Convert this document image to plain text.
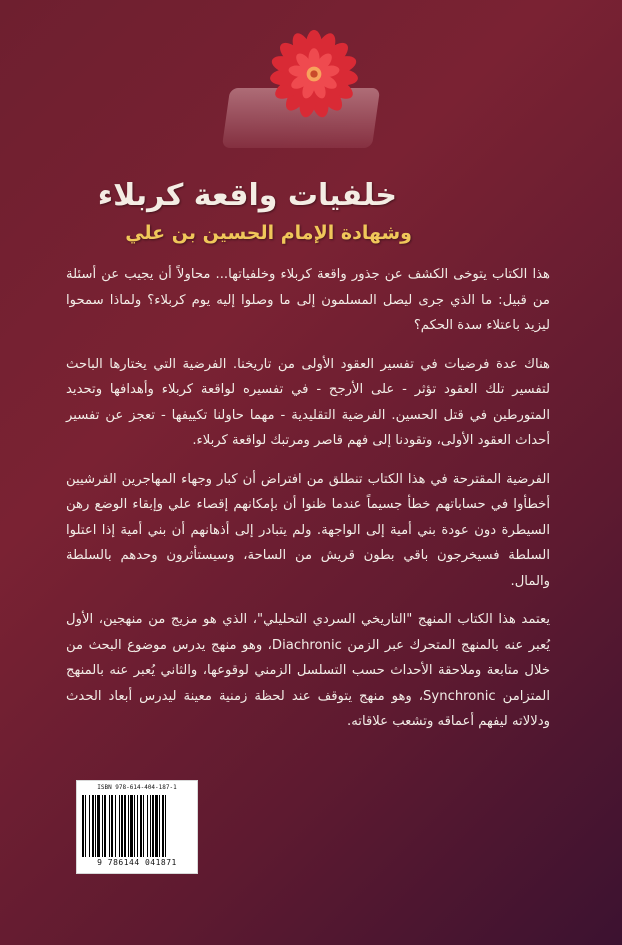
خلفيات واقعة كربلاء
وشهادة الإمام الحسين بن علي

هذا الكتاب يتوخى الكشف عن جذور واقعة كربلاء وخلفياتها... محاولاً أن يجيب عن أسئلة من قبيل: ما الذي جرى ليصل المسلمون إلى ما وصلوا إليه يوم كربلاء؟ ولماذا سمحوا ليزيد باعتلاء سدة الحكم؟

هناك عدة فرضيات في تفسير العقود الأولى من تاريخنا. الفرضية التي يختارها الباحث لتفسير تلك العقود تؤثر - على الأرجح - في تفسيره لواقعة كربلاء وأهدافها وتحديد المتورطين في قتل الحسين. الفرضية التقليدية - مهما حاولنا تكييفها - تعجز عن تفسير أحداث العقود الأولى، وتقودنا إلى فهم قاصر ومرتبك لواقعة كربلاء.

الفرضية المقترحة في هذا الكتاب تنطلق من افتراض أن كبار وجهاء المهاجرين القرشيين أخطأوا في حساباتهم خطأ جسيماً عندما ظنوا أن بإمكانهم إقصاء علي وإبقاء الوضع رهن السيطرة دون عودة بني أمية إلى الواجهة. ولم يتبادر إلى أذهانهم أن بني أمية إذا اعتلوا السلطة فسيخرجون باقي بطون قريش من الساحة، وسيستأثرون وحدهم بالسلطة والمال.

يعتمد هذا الكتاب المنهج "التاريخي السردي التحليلي"، الذي هو مزيج من منهجين، الأول يُعبر عنه بالمنهج المتحرك عبر الزمن Diachronic، وهو منهج يدرس موضوع البحث من خلال متابعة وملاحقة الأحداث حسب التسلسل الزمني لوقوعها، والثاني يُعبر عنه بالمنهج المتزامن Synchronic، وهو منهج يتوقف عند لحظة زمنية معينة ليدرس أبعاد الحدث ودلالاته ليفهم أعماقه وتشعب علاقاته.

ISBN 978-614-404-187-1
9 786144 041871
